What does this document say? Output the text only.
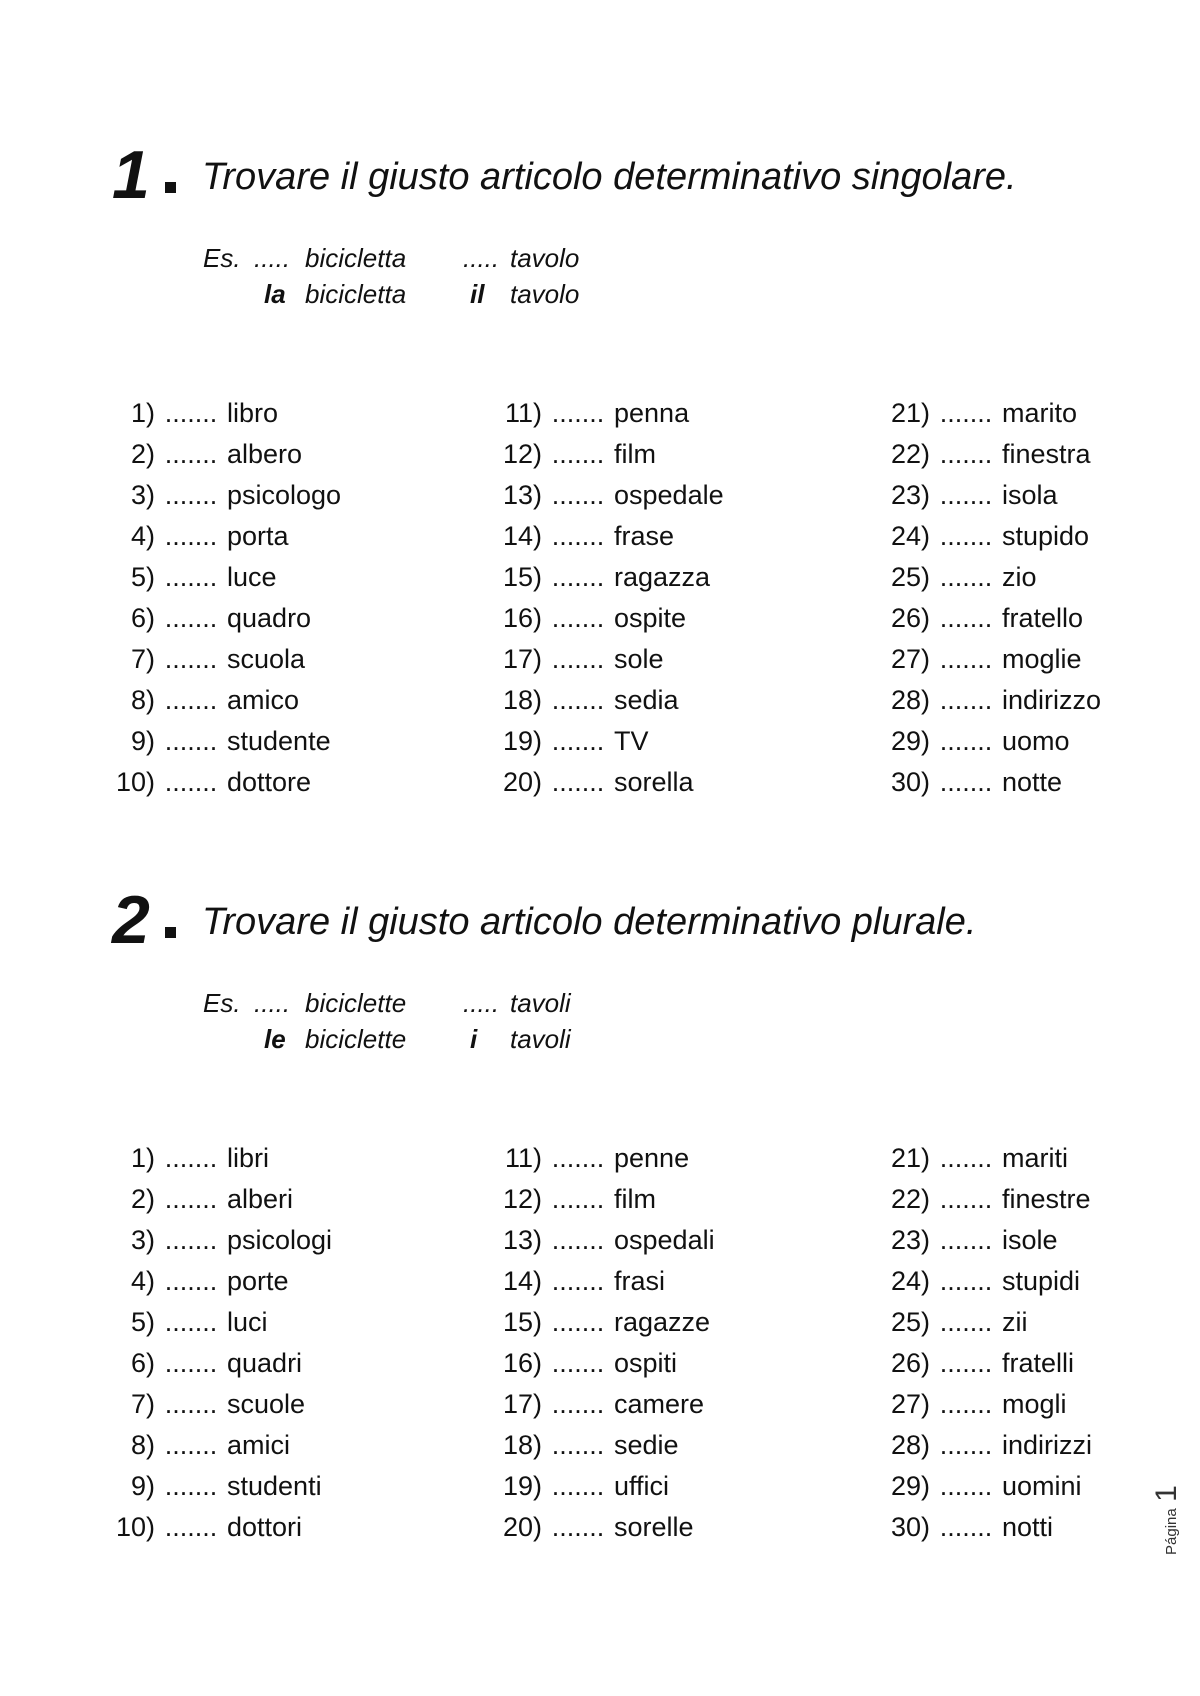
1 Trovare il giusto articolo determinativo singolare.
Es. ..... bicicletta ..... tavolo
la bicicletta il tavolo
1) ....... libro
2) ....... albero
3) ....... psicologo
4) ....... porta
5) ....... luce
6) ....... quadro
7) ....... scuola
8) ....... amico
9) ....... studente
10) ....... dottore
11) ....... penna
12) ....... film
13) ....... ospedale
14) ....... frase
15) ....... ragazza
16) ....... ospite
17) ....... sole
18) ....... sedia
19) ....... TV
20) ....... sorella
21) ....... marito
22) ....... finestra
23) ....... isola
24) ....... stupido
25) ....... zio
26) ....... fratello
27) ....... moglie
28) ....... indirizzo
29) ....... uomo
30) ....... notte
2 Trovare il giusto articolo determinativo plurale.
Es. ..... biciclette ..... tavoli
le biciclette i tavoli
1) ....... libri
2) ....... alberi
3) ....... psicologi
4) ....... porte
5) ....... luci
6) ....... quadri
7) ....... scuole
8) ....... amici
9) ....... studenti
10) ....... dottori
11) ....... penne
12) ....... film
13) ....... ospedali
14) ....... frasi
15) ....... ragazze
16) ....... ospiti
17) ....... camere
18) ....... sedie
19) ....... uffici
20) ....... sorelle
21) ....... mariti
22) ....... finestre
23) ....... isole
24) ....... stupidi
25) ....... zii
26) ....... fratelli
27) ....... mogli
28) ....... indirizzi
29) ....... uomini
30) ....... notti	Página 1
